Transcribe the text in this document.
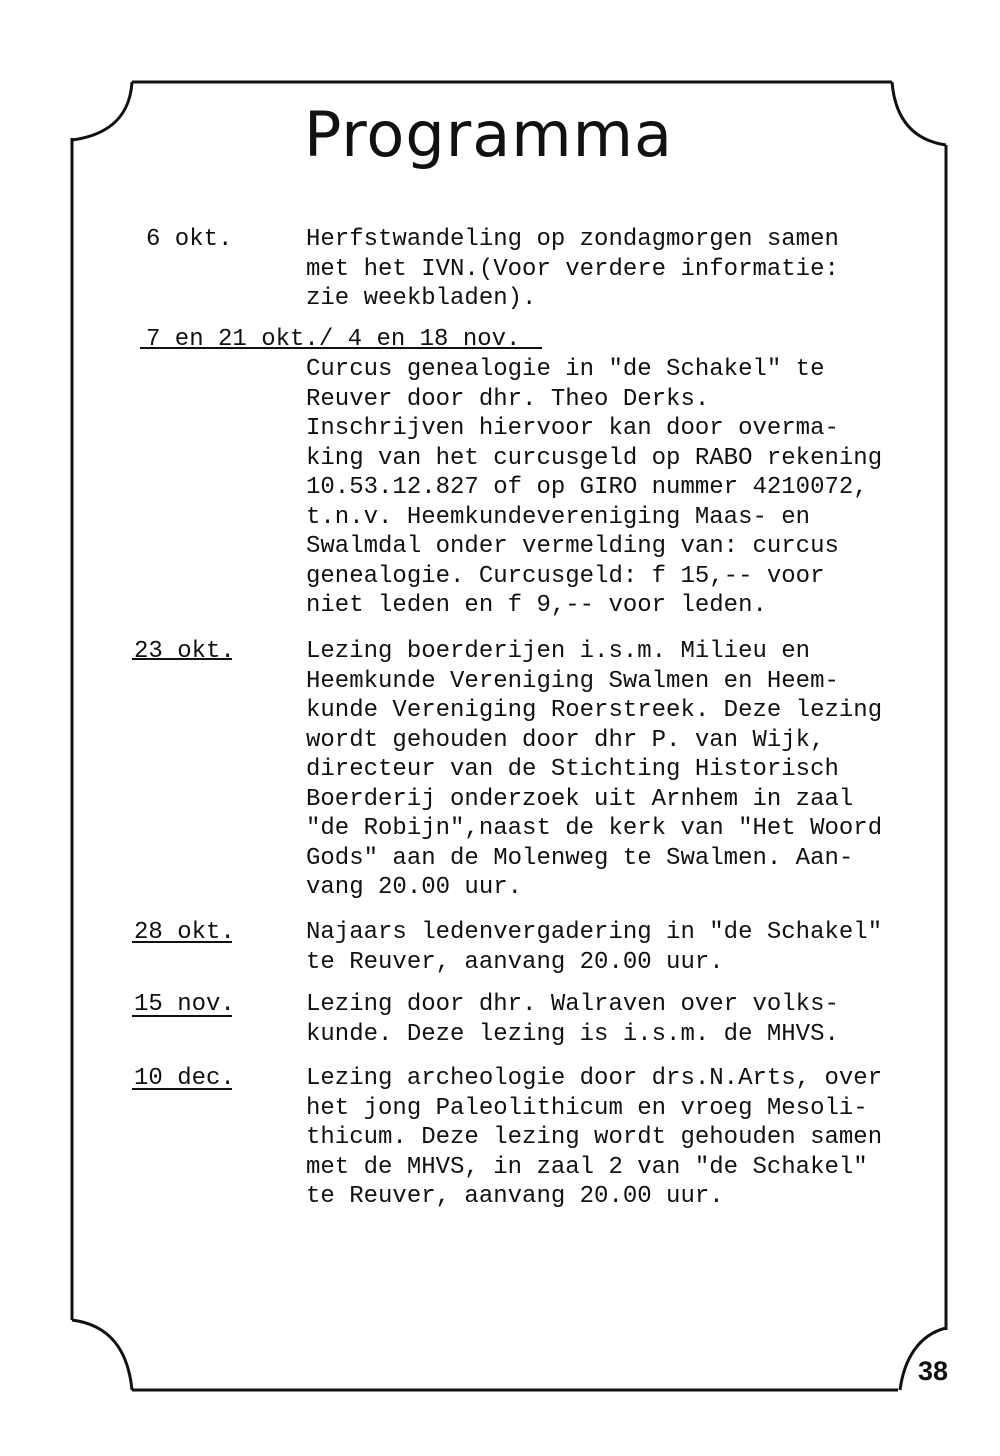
Programma
6 okt.	Herfstwandeling op zondagmorgen samen
met het IVN.(Voor verdere informatie:
zie weekbladen).
7 en 21 okt./ 4 en 18 nov.
Curcus genealogie in "de Schakel" te
Reuver door dhr. Theo Derks.
Inschrijven hiervoor kan door overma-
king van het curcusgeld op RABO rekening
10.53.12.827 of op GIRO nummer 4210072,
t.n.v. Heemkundevereniging Maas- en
Swalmdal onder vermelding van: curcus
genealogie. Curcusgeld: f 15,-- voor
niet leden en f 9,-- voor leden.
23 okt.	Lezing boerderijen i.s.m. Milieu en
Heemkunde Vereniging Swalmen en Heem-
kunde Vereniging Roerstreek. Deze lezing
wordt gehouden door dhr P. van Wijk,
directeur van de Stichting Historisch
Boerderij onderzoek uit Arnhem in zaal
"de Robijn",naast de kerk van "Het Woord
Gods" aan de Molenweg te Swalmen. Aan-
vang 20.00 uur.
28 okt.	Najaars ledenvergadering in "de Schakel"
te Reuver, aanvang 20.00 uur.
15 nov.	Lezing door dhr. Walraven over volks-
kunde. Deze lezing is i.s.m. de MHVS.
10 dec.	Lezing archeologie door drs.N.Arts, over
het jong Paleolithicum en vroeg Mesoli-
thicum. Deze lezing wordt gehouden samen
met de MHVS, in zaal 2 van "de Schakel"
te Reuver, aanvang 20.00 uur.
38
